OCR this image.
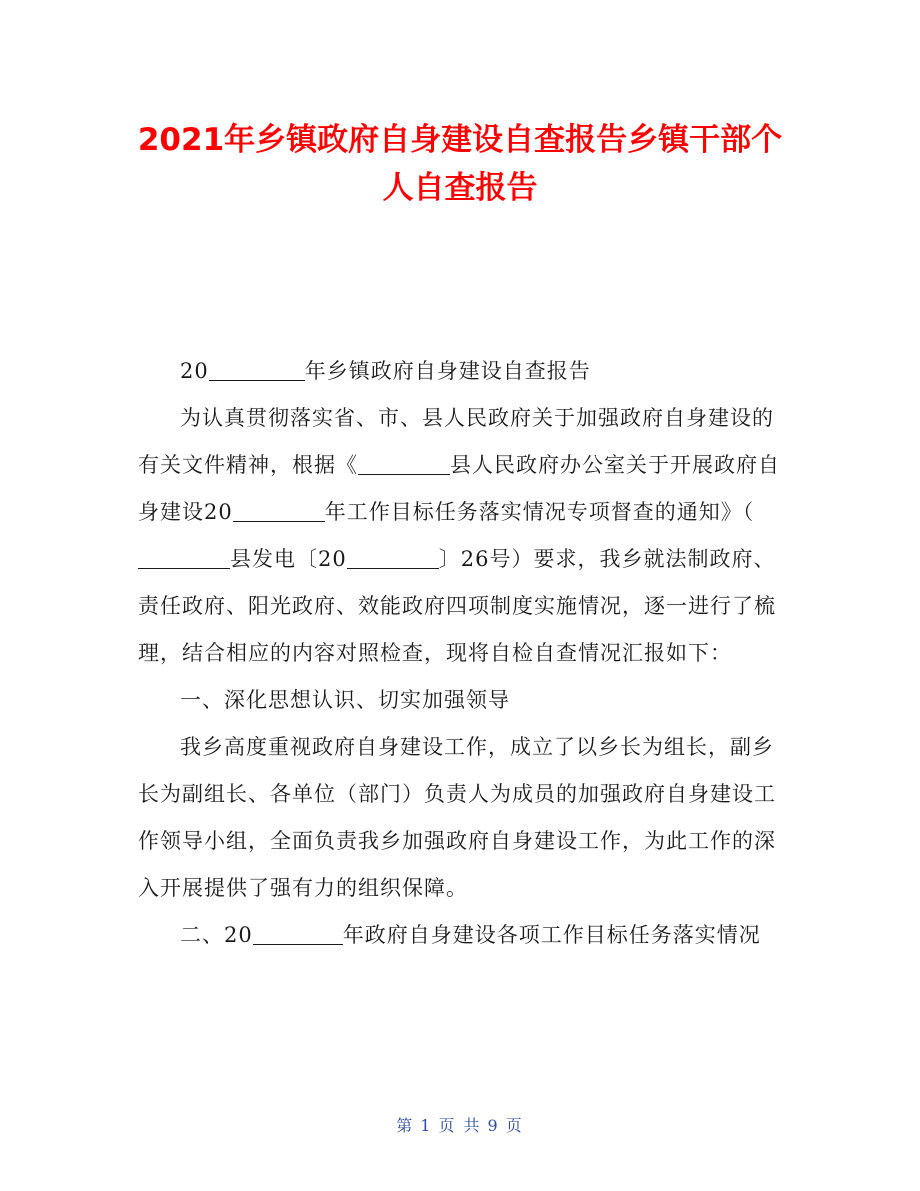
2021年乡镇政府自身建设自查报告乡镇干部个
人自查报告

20	年乡镇政府自身建设自查报告

为认真贯彻落实省、市、县人民政府关于加强政府自身建设的有关文件精神，根据《	县人民政府办公室关于开展政府自身建设20	年工作目标任务落实情况专项督查的通知》（县发电〔20	〕26号）要求，我乡就法制政府、责任政府、阳光政府、效能政府四项制度实施情况，逐一进行了梳理，结合相应的内容对照检查，现将自检自查情况汇报如下：

一、深化思想认识、切实加强领导

我乡高度重视政府自身建设工作，成立了以乡长为组长，副乡长为副组长、各单位（部门）负责人为成员的加强政府自身建设工作领导小组，全面负责我乡加强政府自身建设工作，为此工作的深入开展提供了强有力的组织保障。

二、20	年政府自身建设各项工作目标任务落实情况

第 1 页 共 9 页
